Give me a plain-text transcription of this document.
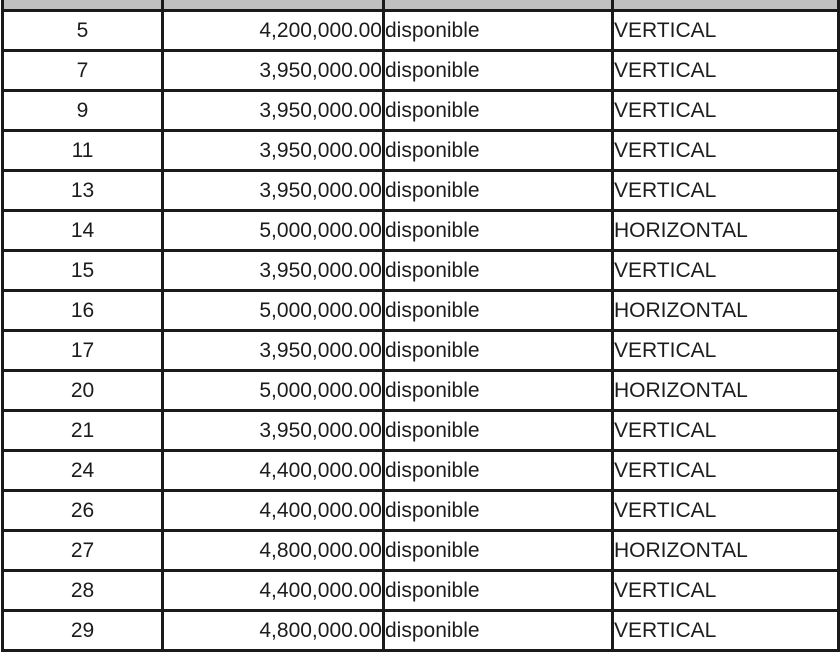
5	4,200,000.00	disponible	VERTICAL
7	3,950,000.00	disponible	VERTICAL
9	3,950,000.00	disponible	VERTICAL
11	3,950,000.00	disponible	VERTICAL
13	3,950,000.00	disponible	VERTICAL
14	5,000,000.00	disponible	HORIZONTAL
15	3,950,000.00	disponible	VERTICAL
16	5,000,000.00	disponible	HORIZONTAL
17	3,950,000.00	disponible	VERTICAL
20	5,000,000.00	disponible	HORIZONTAL
21	3,950,000.00	disponible	VERTICAL
24	4,400,000.00	disponible	VERTICAL
26	4,400,000.00	disponible	VERTICAL
27	4,800,000.00	disponible	HORIZONTAL
28	4,400,000.00	disponible	VERTICAL
29	4,800,000.00	disponible	VERTICAL
